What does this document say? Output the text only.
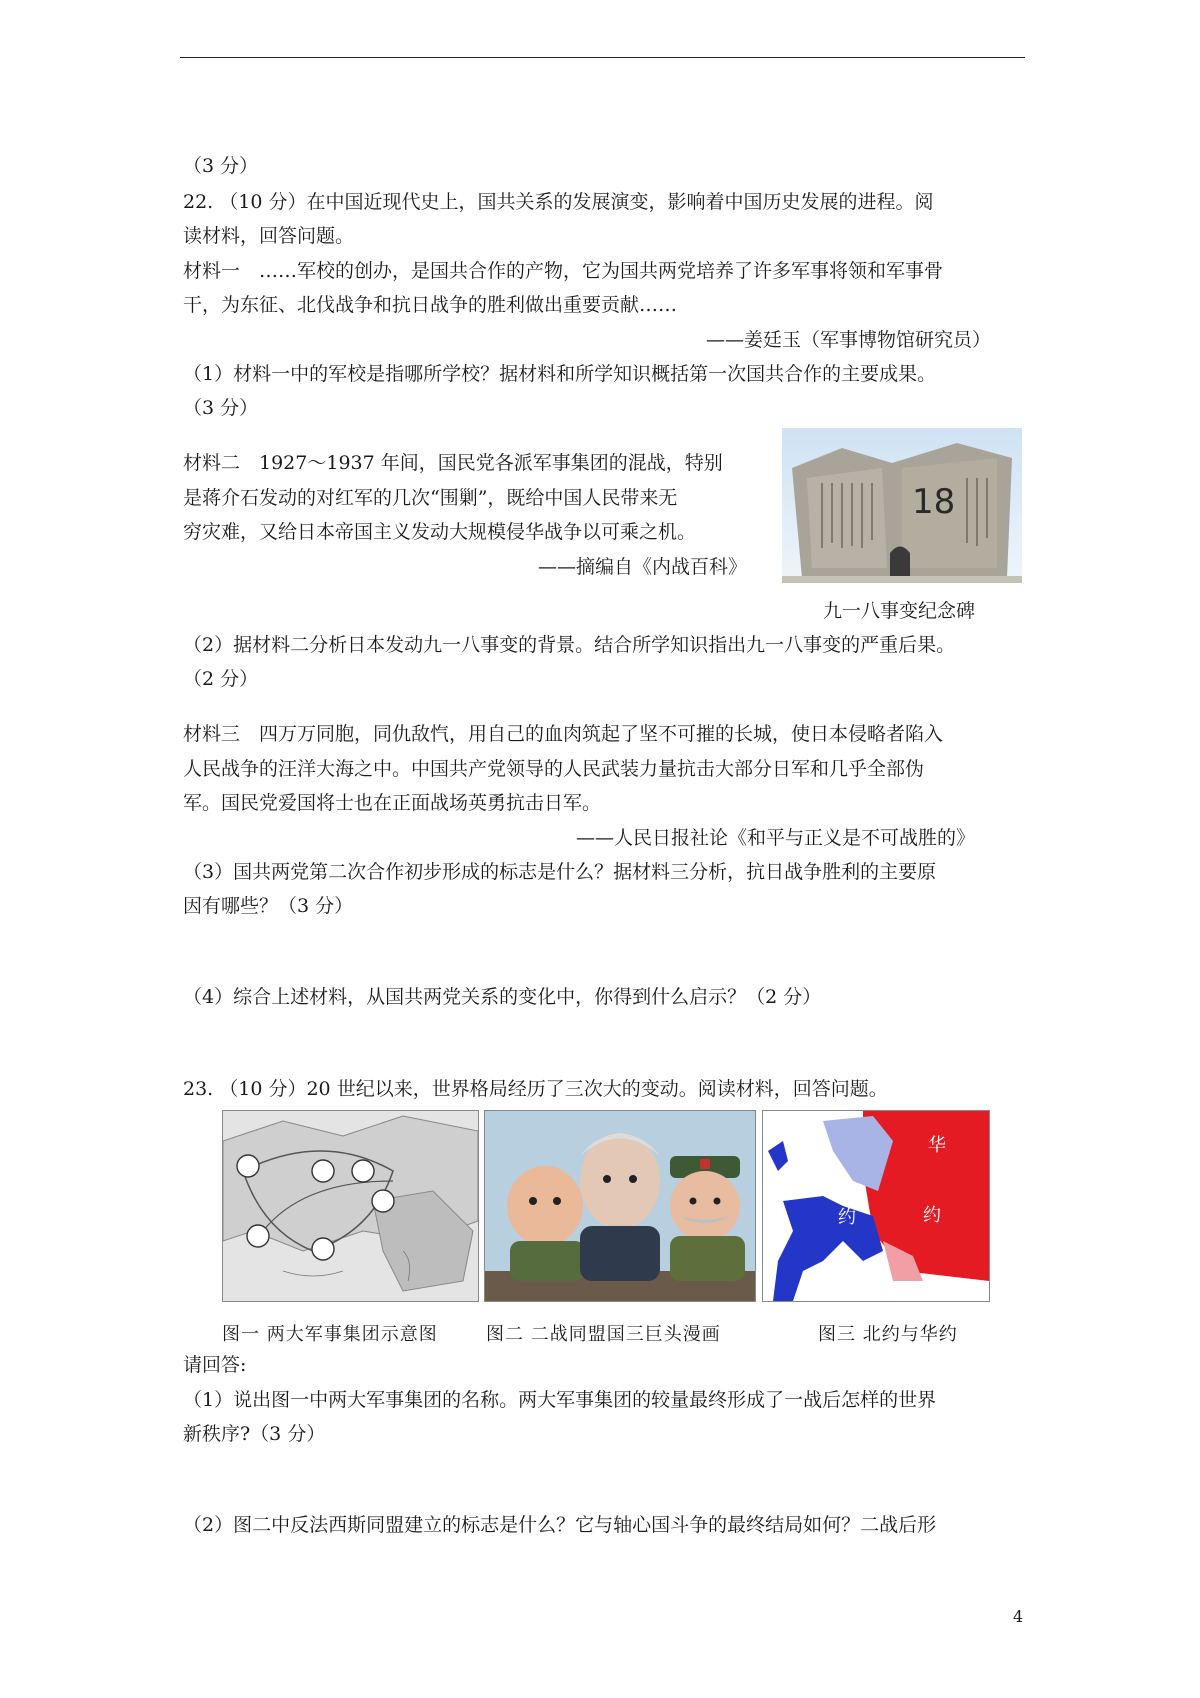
（3 分）
22. （10 分）在中国近现代史上，国共关系的发展演变，影响着中国历史发展的进程。阅
读材料，回答问题。
材料一　……军校的创办，是国共合作的产物，它为国共两党培养了许多军事将领和军事骨
干，为东征、北伐战争和抗日战争的胜利做出重要贡献……
——姜廷玉（军事博物馆研究员）
（1）材料一中的军校是指哪所学校？据材料和所学知识概括第一次国共合作的主要成果。
（3 分）
材料二　1927～1937 年间，国民党各派军事集团的混战，特别
是蒋介石发动的对红军的几次“围剿”，既给中国人民带来无
穷灾难，又给日本帝国主义发动大规模侵华战争以可乘之机。
——摘编自《内战百科》
18
九一八事变纪念碑
（2）据材料二分析日本发动九一八事变的背景。结合所学知识指出九一八事变的严重后果。
（2 分）
材料三　四万万同胞，同仇敌忾，用自己的血肉筑起了坚不可摧的长城，使日本侵略者陷入
人民战争的汪洋大海之中。中国共产党领导的人民武装力量抗击大部分日军和几乎全部伪
军。国民党爱国将士也在正面战场英勇抗击日军。
——人民日报社论《和平与正义是不可战胜的》
（3）国共两党第二次合作初步形成的标志是什么？据材料三分析，抗日战争胜利的主要原
因有哪些？（3 分）
（4）综合上述材料，从国共两党关系的变化中，你得到什么启示？（2 分）
23. （10 分）20 世纪以来，世界格局经历了三次大的变动。阅读材料，回答问题。
华
约
约
北
图一 两大军事集团示意图	图二 二战同盟国三巨头漫画	图三 北约与华约
请回答:
（1）说出图一中两大军事集团的名称。两大军事集团的较量最终形成了一战后怎样的世界
新秩序?（3 分）
（2）图二中反法西斯同盟建立的标志是什么？它与轴心国斗争的最终结局如何？二战后形
4
